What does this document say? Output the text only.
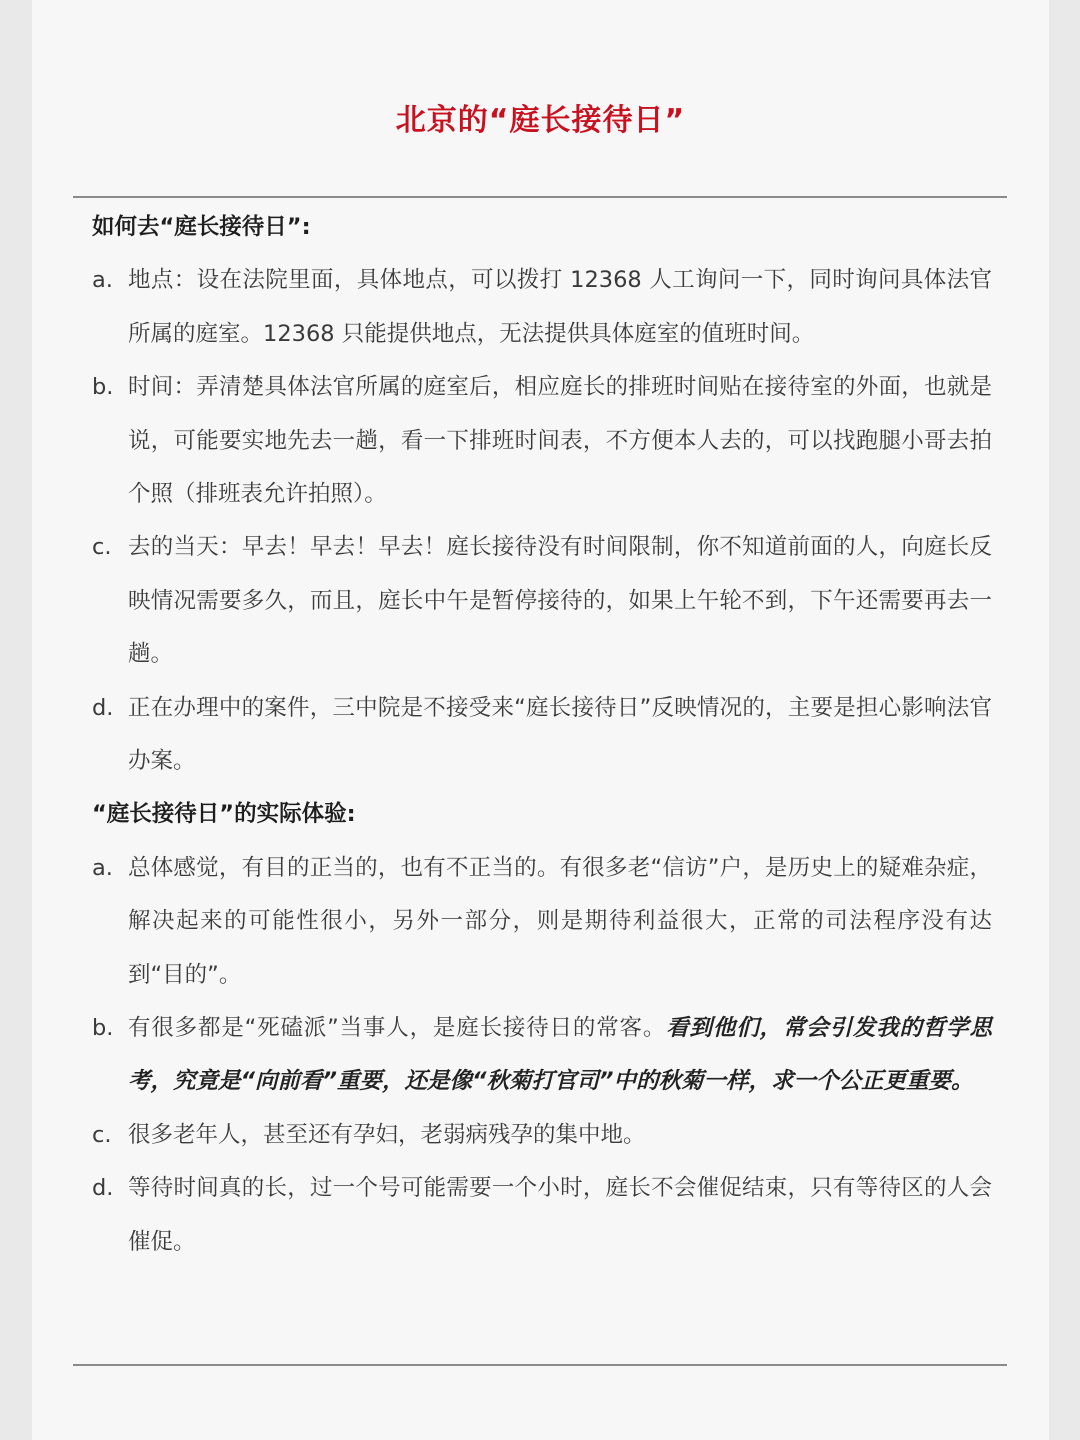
北京的“庭长接待日”
如何去“庭长接待日”:
a. 地点：设在法院里面，具体地点，可以拨打 12368 人工询问一下，同时询问具体法官所属的庭室。12368 只能提供地点，无法提供具体庭室的值班时间。
b. 时间：弄清楚具体法官所属的庭室后，相应庭长的排班时间贴在接待室的外面，也就是说，可能要实地先去一趟，看一下排班时间表，不方便本人去的，可以找跑腿小哥去拍个照（排班表允许拍照）。
c. 去的当天：早去！早去！早去！庭长接待没有时间限制，你不知道前面的人，向庭长反映情况需要多久，而且，庭长中午是暂停接待的，如果上午轮不到，下午还需要再去一趟。
d. 正在办理中的案件，三中院是不接受来“庭长接待日”反映情况的，主要是担心影响法官办案。
“庭长接待日”的实际体验:
a. 总体感觉，有目的正当的，也有不正当的。有很多老“信访”户，是历史上的疑难杂症，解决起来的可能性很小，另外一部分，则是期待利益很大，正常的司法程序没有达到“目的”。
b. 有很多都是“死磕派”当事人，是庭长接待日的常客。看到他们，常会引发我的哲学思考，究竟是“向前看”重要，还是像“秋菊打官司”中的秋菊一样，求一个公正更重要。
c. 很多老年人，甚至还有孕妇，老弱病残孕的集中地。
d. 等待时间真的长，过一个号可能需要一个小时，庭长不会催促结束，只有等待区的人会催促。
